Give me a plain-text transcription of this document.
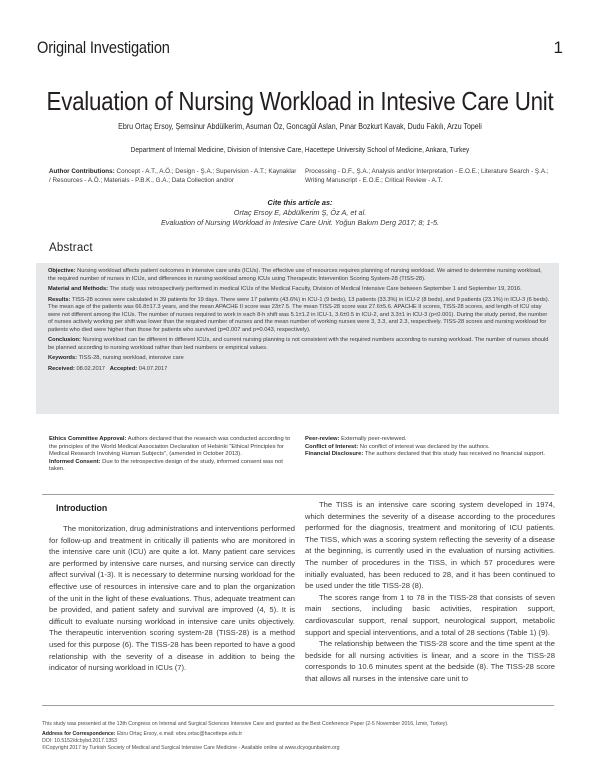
Original Investigation	1
Evaluation of Nursing Workload in Intesive Care Unit
Ebru Ortaç Ersoy, Şemsinur Abdülkerim, Asuman Öz, Goncagül Aslan, Pınar Bozkurt Kavak, Dudu Fakılı, Arzu Topeli
Department of Internal Medicine, Division of Intensive Care, Hacettepe University School of Medicine, Ankara, Turkey
Author Contributions: Concept - A.T., A.Ö.; Design - Ş.A.; Supervision - A.T.; Kaynaklar / Resources - A.Ö.; Materials - P.B.K., G.A.; Data Collection and/or
Processing - D.F., Ş.A.; Analysis and/or Interpretation - E.O.E.; Literature Search - Ş.A.; Writing Manuscript - E.O.E.; Critical Review - A.T.
Cite this article as:
Ortaç Ersoy E, Abdülkerim Ş, Öz A, et al.
Evaluation of Nursing Workload in Intesive Care Unit. Yoğun Bakım Derg 2017; 8; 1-5.
Abstract

Objective: Nursing workload affects patient outcomes in intensive care units (ICUs). The effective use of resources requires planning of nursing workload. We aimed to determine nursing workload, the required number of nurses in ICUs, and differences in nursing workload among ICUs using Therapeutic Intervention Scoring System-28 (TISS-28).

Material and Methods: The study was retrospectively performed in medical ICUs of the Medical Faculty, Division of Medical Intensive Care between September 1 and September 19, 2016.

Results: TISS-28 scores were calculated in 39 patients for 19 days. There were 17 patients (43.6%) in ICU-1 (9 beds), 13 patients (33.3%) in ICU-2 (8 beds), and 9 patients (23.1%) in ICU-3 (6 beds). The mean age of the patients was 66.8±17.3 years, and the mean APACHE II score was 23±7.5. The mean TISS-28 score was 27.6±5.6. APACHE II scores, TISS-28 scores, and length of ICU stay were not different among the ICUs. The number of nurses required to work in each 8-h shift was 5.1±1.2 in ICU-1, 3.6±0.5 in ICU-2, and 3.3±1 in ICU-3 (p<0.001). During the study period, the number of nurses actively working per shift was lower than the required number of nurses and the mean number of working nurses were 3, 3.3, and 2.3, respectively. TISS-28 scores and nursing workload for patients who died were higher than those for patients who survived (p=0.007 and p=0.043, respectively).

Conclusion: Nursing workload can be different in different ICUs, and current nursing planning is not consistent with the required numbers according to nursing workload. The number of nurses should be planned according to nursing workload rather than bed numbers or empirical values.

Keywords: TISS-28, nursing workload, intensive care

Received: 08.02.2017 Accepted: 04.07.2017

Ethics Committee Approval: Authors declared that the research was conducted according to the principles of the World Medical Association Declaration of Helsinki "Ethical Principles for Medical Research Involving Human Subjects", (amended in October 2013).
Informed Consent: Due to the retrospective design of the study, informed consent was not taken.
Peer-review: Externally peer-reviewed.
Conflict of Interest: No conflict of interest was declared by the authors.
Financial Disclosure: The authors declared that this study has received no financial support.
Introduction

The monitorization, drug administrations and interventions performed for follow-up and treatment in critically ill patients who are monitored in the intensive care unit (ICU) are quite a lot. Many patient care services are performed by intensive care nurses, and nursing service can directly affect survival (1-3). It is necessary to determine nursing workload for the effective use of resources in intensive care and to plan the organization of the unit in the light of these evaluations. Thus, adequate treatment can be provided, and patient safety and survival are improved (4, 5). It is difficult to evaluate nursing workload in intensive care units objectively. The therapeutic intervention scoring system-28 (TISS-28) is a method used for this purpose (6). The TISS-28 has been reported to have a good relationship with the severity of a disease in addition to being the indicator of nursing workload in ICUs (7).

The TISS is an intensive care scoring system developed in 1974, which determines the severity of a disease according to the procedures performed for the diagnosis, treatment and monitoring of ICU patients. The TISS, which was a scoring system reflecting the severity of a disease at the beginning, is currently used in the evaluation of nursing activities. The number of procedures in the TISS, in which 57 procedures were initially evaluated, has been reduced to 28, and it has been continued to be used under the title TISS-28 (8).

The scores range from 1 to 78 in the TISS-28 that consists of seven main sections, including basic activities, respiration support, cardiovascular support, renal support, neurological support, metabolic support and special interventions, and a total of 28 sections (Table 1) (9).

The relationship between the TISS-28 score and the time spent at the bedside for all nursing activities is linear, and a score in the TISS-28 corresponds to 10.6 minutes spent at the bedside (8). The TISS-28 score that allows all nurses in the intensive care unit to

This study was presented at the 13th Congress on Internal and Surgical Sciences Intensive Care and granted as the Best Conference Paper (2-5 November 2016, İzmir, Turkey).

Address for Correspondence: Ebru Ortaç Ersoy, e.mail: ebru.ortac@hacettepe.edu.tr

DOI: 10.5152/dcbybd.2017.1353

©Copyright 2017 by Turkish Society of Medical and Surgical Intensive Care Medicine - Available online at www.dcyogunbakim.org
